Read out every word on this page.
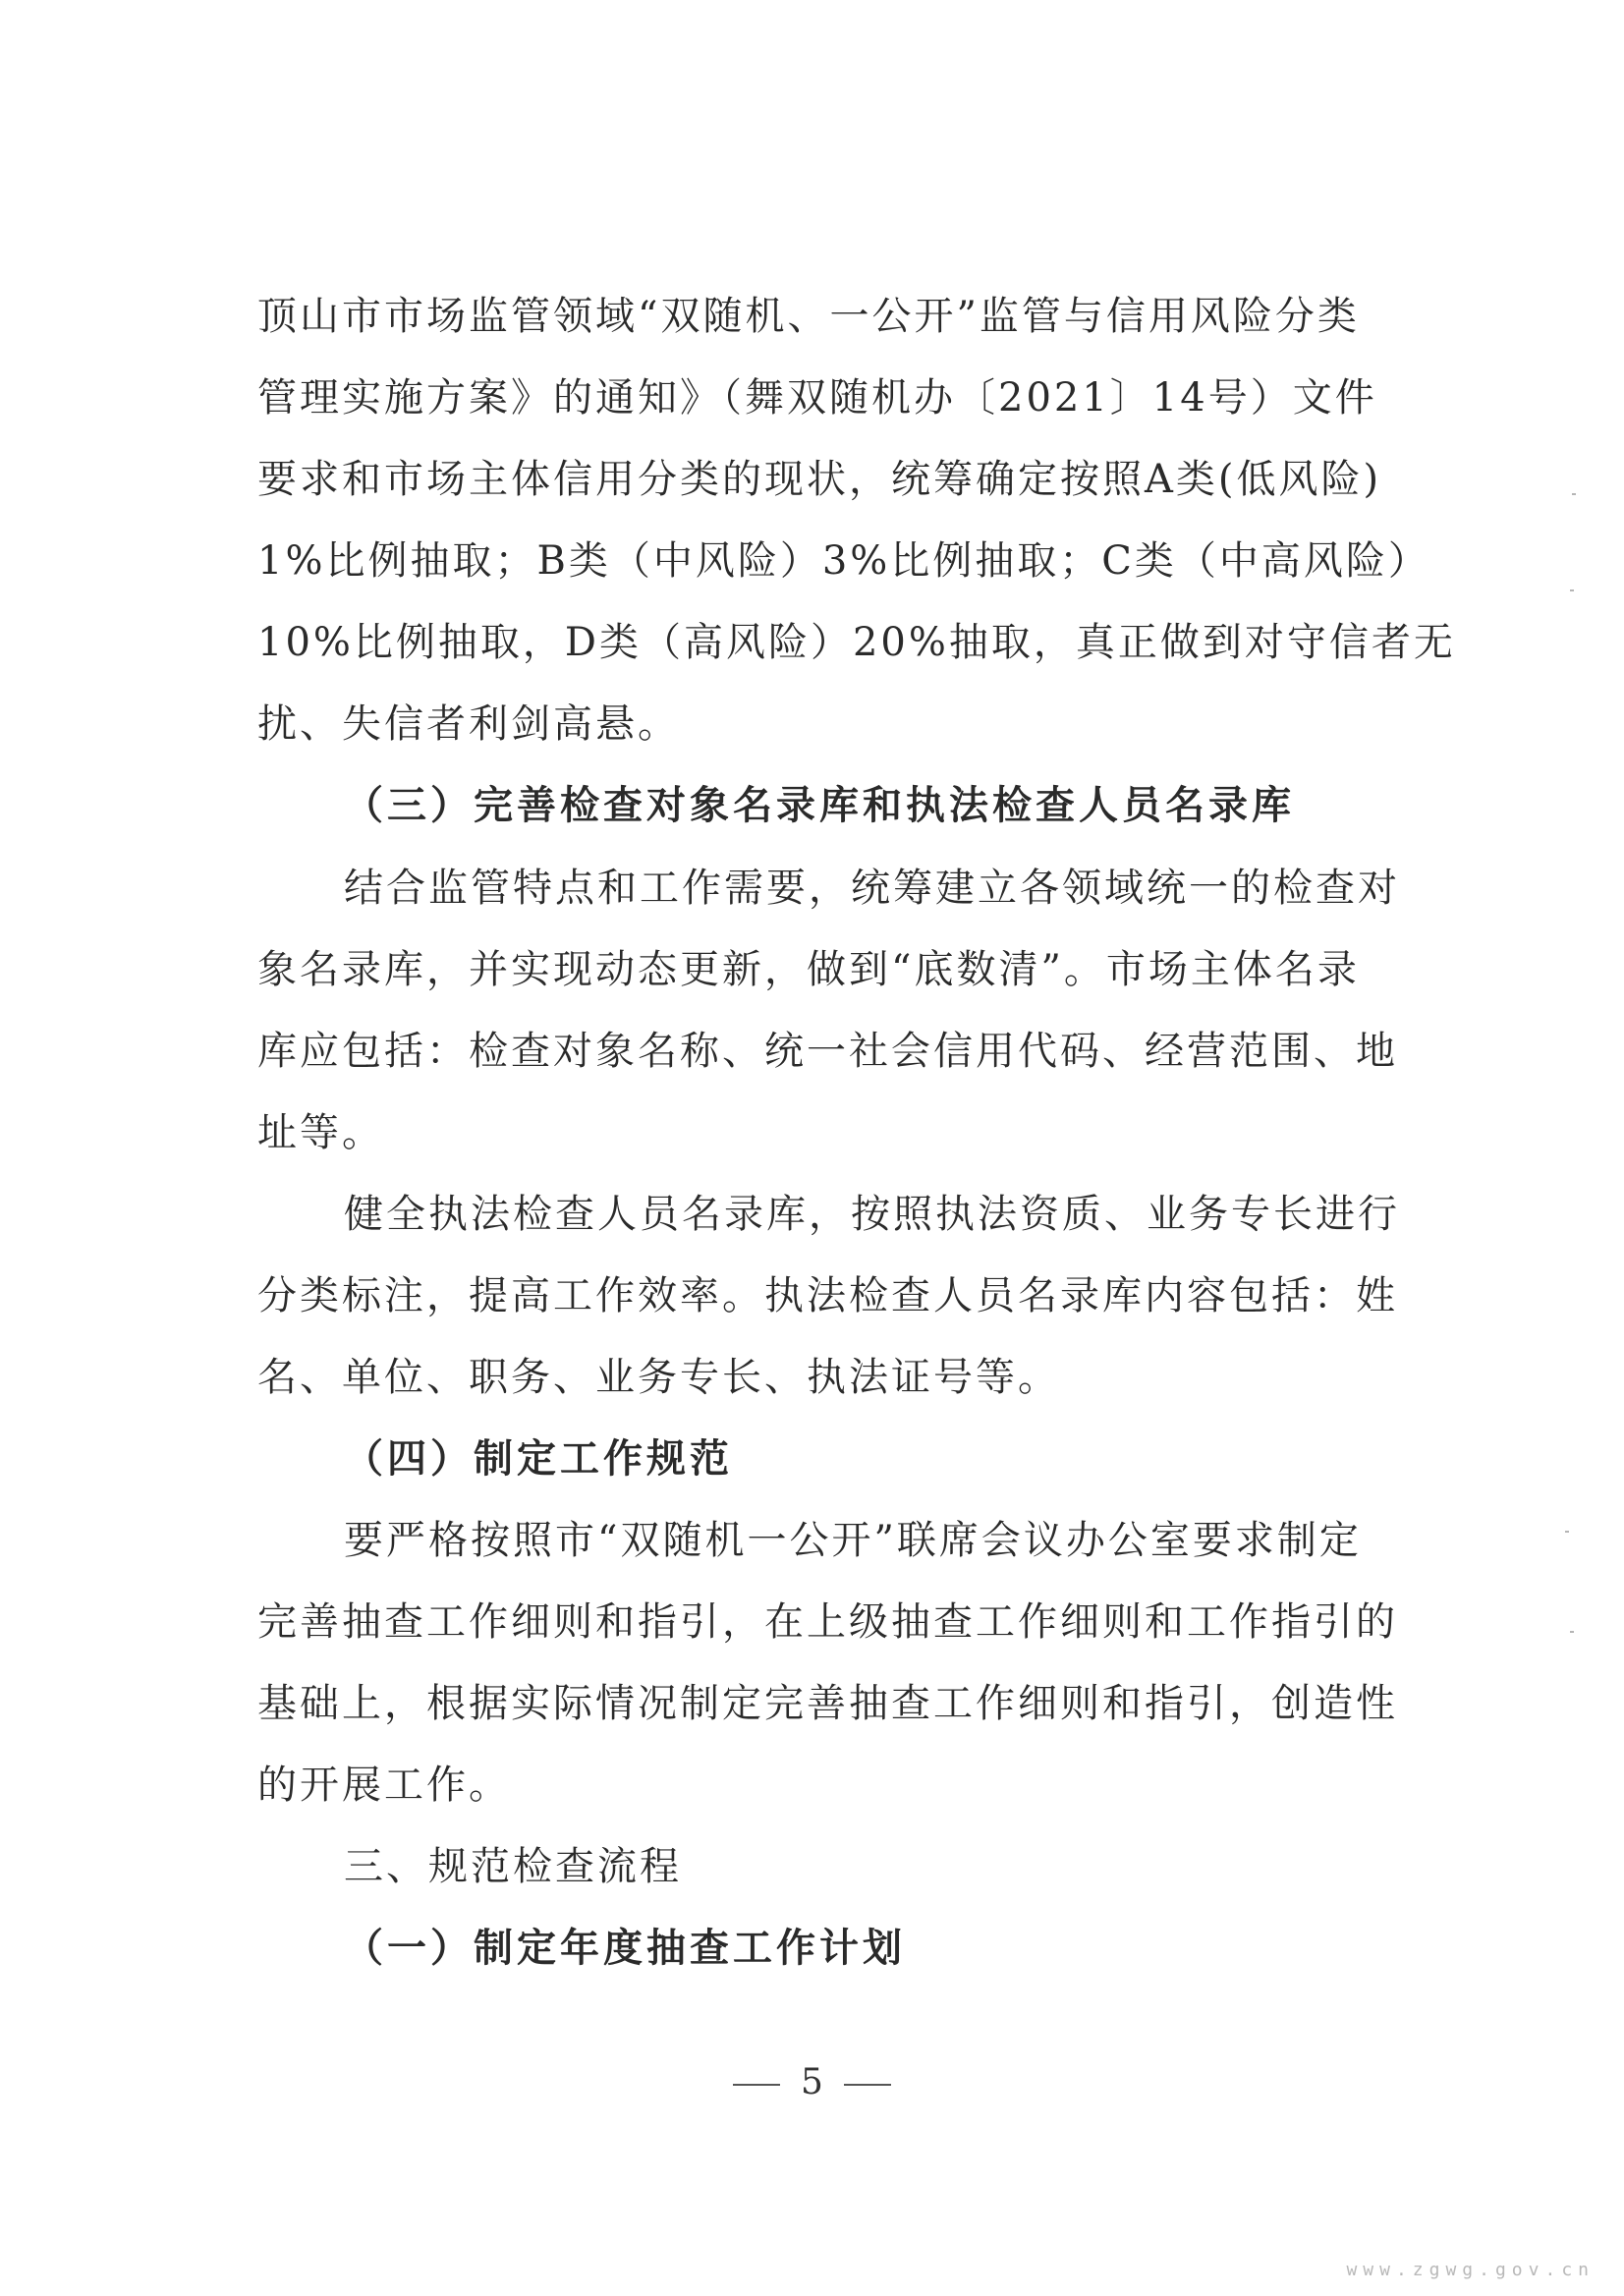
顶山市市场监管领域“双随机、一公开”监管与信用风险分类
管理实施方案》的通知》（舞双随机办〔2021〕14号）文件
要求和市场主体信用分类的现状，统筹确定按照A类(低风险)
1%比例抽取；B类（中风险）3%比例抽取；C类（中高风险）
10%比例抽取，D类（高风险）20%抽取，真正做到对守信者无
扰、失信者利剑高悬。
（三）完善检查对象名录库和执法检查人员名录库
结合监管特点和工作需要，统筹建立各领域统一的检查对
象名录库，并实现动态更新，做到“底数清”。市场主体名录
库应包括：检查对象名称、统一社会信用代码、经营范围、地
址等。
健全执法检查人员名录库，按照执法资质、业务专长进行
分类标注，提高工作效率。执法检查人员名录库内容包括：姓
名、单位、职务、业务专长、执法证号等。
（四）制定工作规范
要严格按照市“双随机一公开”联席会议办公室要求制定
完善抽查工作细则和指引，在上级抽查工作细则和工作指引的
基础上，根据实际情况制定完善抽查工作细则和指引，创造性
的开展工作。
三、规范检查流程
（一）制定年度抽查工作计划
5
www.zgwg.gov.cn
